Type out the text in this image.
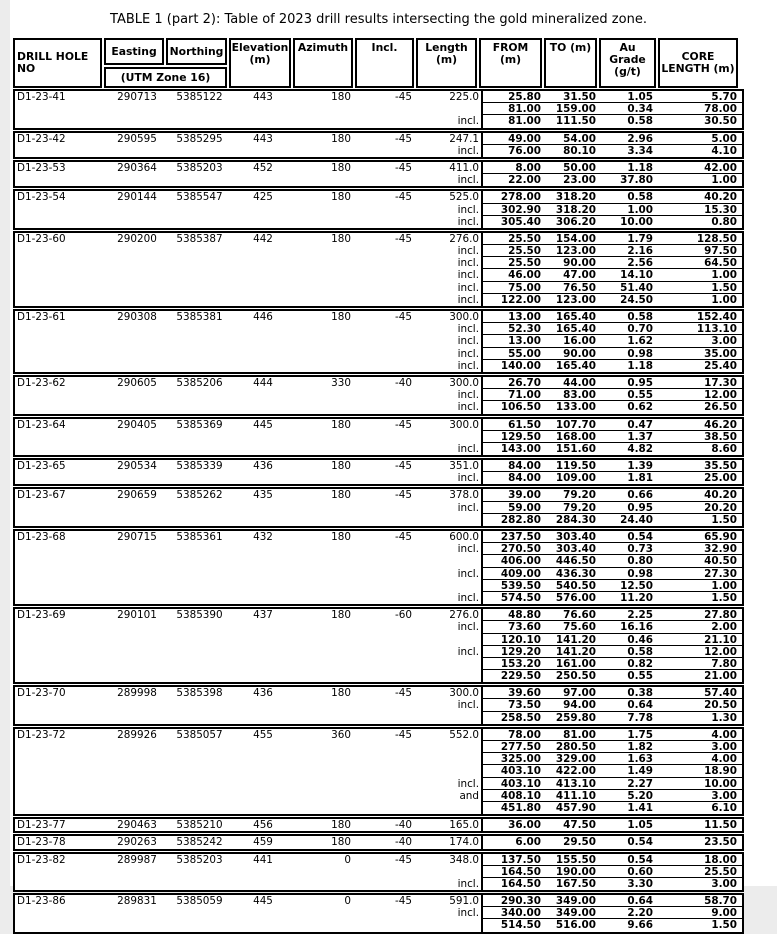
TABLE 1 (part 2): Table of 2023 drill results intersecting the gold mineralized zone.
DRILL HOLE NO
Easting	Northing
(UTM Zone 16)
Elevation (m)
Azimuth	Incl.	Length (m)
FROM (m)
TO (m)	Au Grade (g/t)
CORE LENGTH (m)
D1-23-41	290713	5385122	443	180	-45	225.0	25.80	31.50	1.05	5.70
81.00	159.00	0.34	78.00
incl.	81.00	111.50	0.58	30.50
D1-23-42	290595	5385295	443	180	-45	247.1	49.00	54.00	2.96	5.00
incl.	76.00	80.10	3.34	4.10
D1-23-53	290364	5385203	452	180	-45	411.0	8.00	50.00	1.18	42.00
incl.	22.00	23.00	37.80	1.00
D1-23-54	290144	5385547	425	180	-45	525.0	278.00	318.20	0.58	40.20
incl.	302.90	318.20	1.00	15.30
incl.	305.40	306.20	10.00	0.80
D1-23-60	290200	5385387	442	180	-45	276.0	25.50	154.00	1.79	128.50
incl.	25.50	123.00	2.16	97.50
incl.	25.50	90.00	2.56	64.50
incl.	46.00	47.00	14.10	1.00
incl.	75.00	76.50	51.40	1.50
incl.	122.00	123.00	24.50	1.00
D1-23-61	290308	5385381	446	180	-45	300.0	13.00	165.40	0.58	152.40
incl.	52.30	165.40	0.70	113.10
incl.	13.00	16.00	1.62	3.00
incl.	55.00	90.00	0.98	35.00
incl.	140.00	165.40	1.18	25.40
D1-23-62	290605	5385206	444	330	-40	300.0	26.70	44.00	0.95	17.30
incl.	71.00	83.00	0.55	12.00
incl.	106.50	133.00	0.62	26.50
D1-23-64	290405	5385369	445	180	-45	300.0	61.50	107.70	0.47	46.20
129.50	168.00	1.37	38.50
incl.	143.00	151.60	4.82	8.60
D1-23-65	290534	5385339	436	180	-45	351.0	84.00	119.50	1.39	35.50
incl.	84.00	109.00	1.81	25.00
D1-23-67	290659	5385262	435	180	-45	378.0	39.00	79.20	0.66	40.20
incl.	59.00	79.20	0.95	20.20
282.80	284.30	24.40	1.50
D1-23-68	290715	5385361	432	180	-45	600.0	237.50	303.40	0.54	65.90
incl.	270.50	303.40	0.73	32.90
406.00	446.50	0.80	40.50
incl.	409.00	436.30	0.98	27.30
539.50	540.50	12.50	1.00
incl.	574.50	576.00	11.20	1.50
D1-23-69	290101	5385390	437	180	-60	276.0	48.80	76.60	2.25	27.80
incl.	73.60	75.60	16.16	2.00
120.10	141.20	0.46	21.10
incl.	129.20	141.20	0.58	12.00
153.20	161.00	0.82	7.80
229.50	250.50	0.55	21.00
D1-23-70	289998	5385398	436	180	-45	300.0	39.60	97.00	0.38	57.40
incl.	73.50	94.00	0.64	20.50
258.50	259.80	7.78	1.30
D1-23-72	289926	5385057	455	360	-45	552.0	78.00	81.00	1.75	4.00
277.50	280.50	1.82	3.00
325.00	329.00	1.63	4.00
403.10	422.00	1.49	18.90
incl.	403.10	413.10	2.27	10.00
and	408.10	411.10	5.20	3.00
451.80	457.90	1.41	6.10
D1-23-77	290463	5385210	456	180	-40	165.0	36.00	47.50	1.05	11.50
D1-23-78	290263	5385242	459	180	-40	174.0	6.00	29.50	0.54	23.50
D1-23-82	289987	5385203	441	0	-45	348.0	137.50	155.50	0.54	18.00
164.50	190.00	0.60	25.50
incl.	164.50	167.50	3.30	3.00
D1-23-86	289831	5385059	445	0	-45	591.0	290.30	349.00	0.64	58.70
incl.	340.00	349.00	2.20	9.00
514.50	516.00	9.66	1.50
